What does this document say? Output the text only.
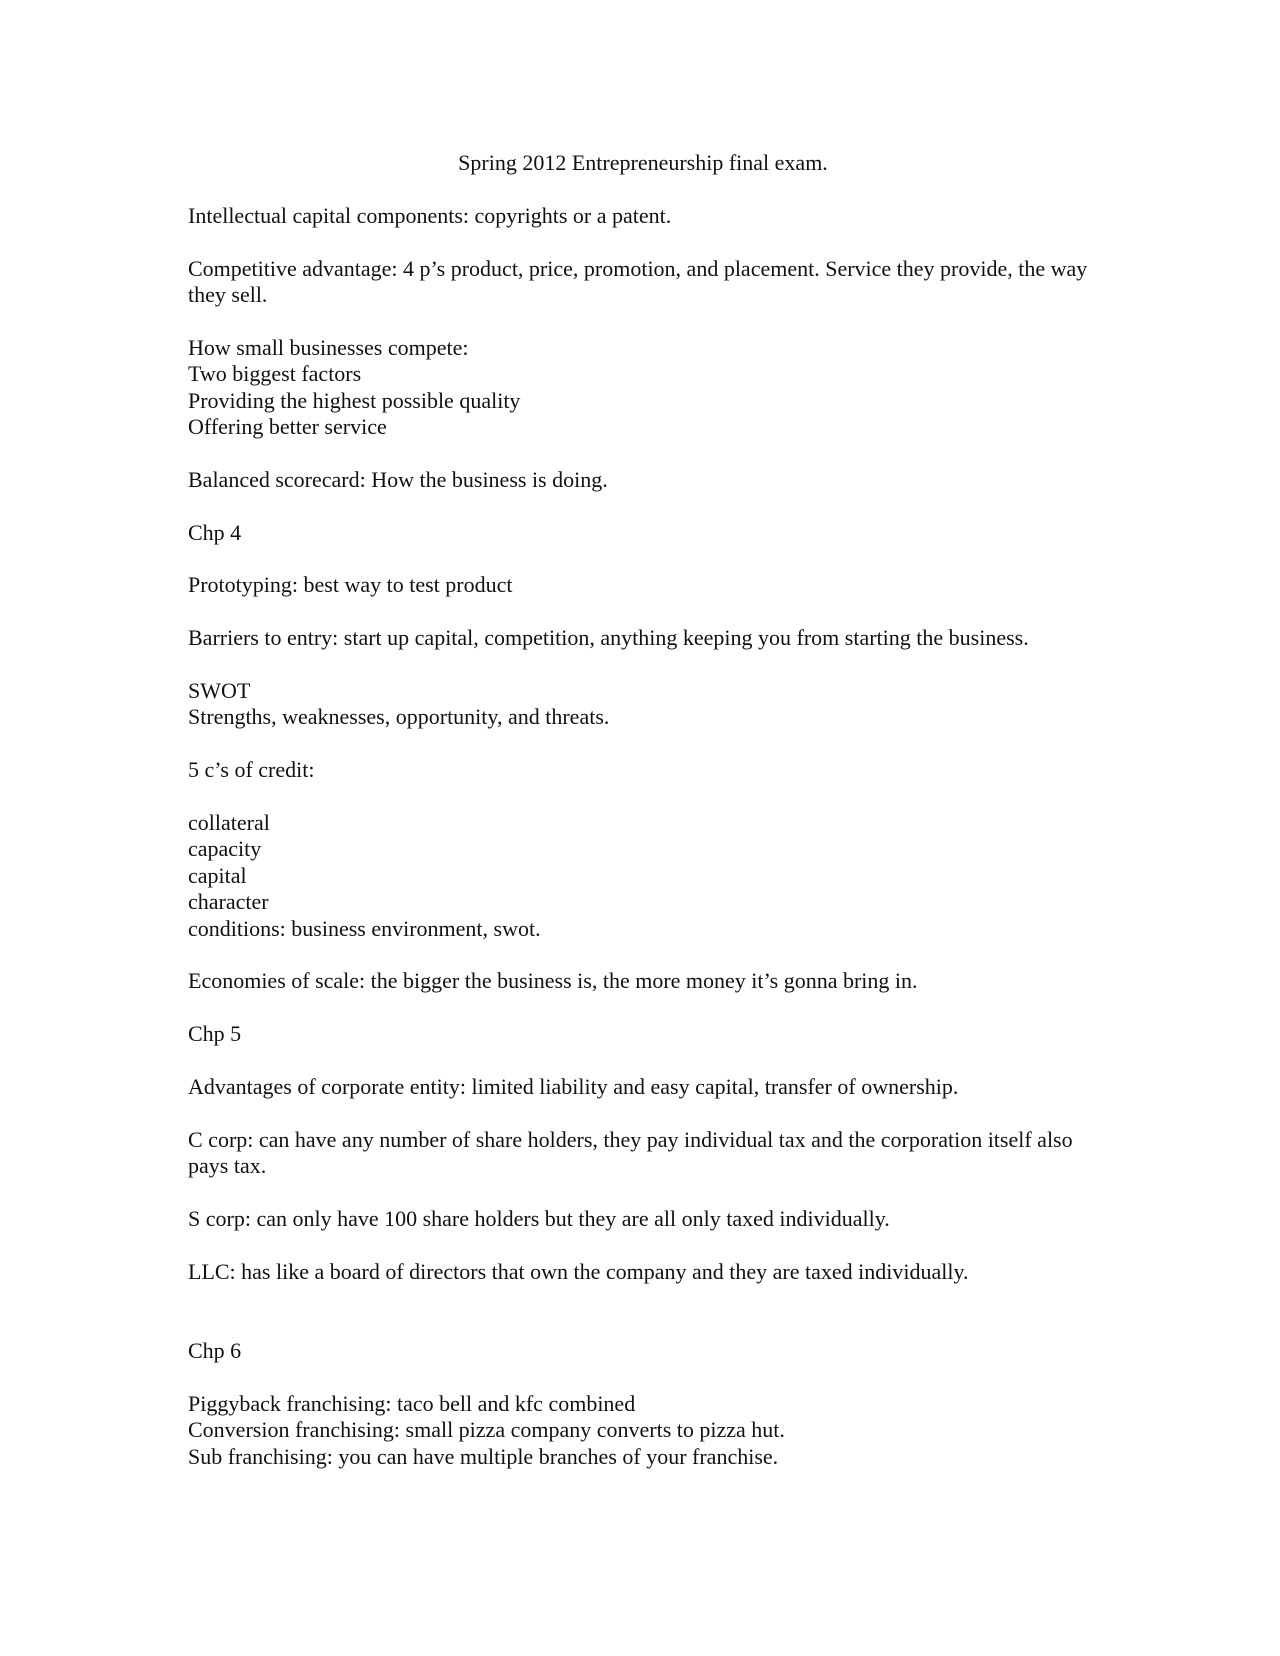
Spring 2012 Entrepreneurship final exam.

Intellectual capital components: copyrights or a patent.

Competitive advantage: 4 p’s product, price, promotion, and placement. Service they provide, the way they sell.

How small businesses compete:
Two biggest factors
Providing the highest possible quality
Offering better service

Balanced scorecard: How the business is doing.

Chp 4

Prototyping: best way to test product

Barriers to entry: start up capital, competition, anything keeping you from starting the business.

SWOT
Strengths, weaknesses, opportunity, and threats.

5 c’s of credit:

collateral
capacity
capital
character
conditions: business environment, swot.

Economies of scale: the bigger the business is, the more money it’s gonna bring in.

Chp 5

Advantages of corporate entity: limited liability and easy capital, transfer of ownership.

C corp: can have any number of share holders, they pay individual tax and the corporation itself also pays tax.

S corp: can only have 100 share holders but they are all only taxed individually.

LLC: has like a board of directors that own the company and they are taxed individually.

Chp 6

Piggyback franchising: taco bell and kfc combined
Conversion franchising: small pizza company converts to pizza hut.
Sub franchising: you can have multiple branches of your franchise.
